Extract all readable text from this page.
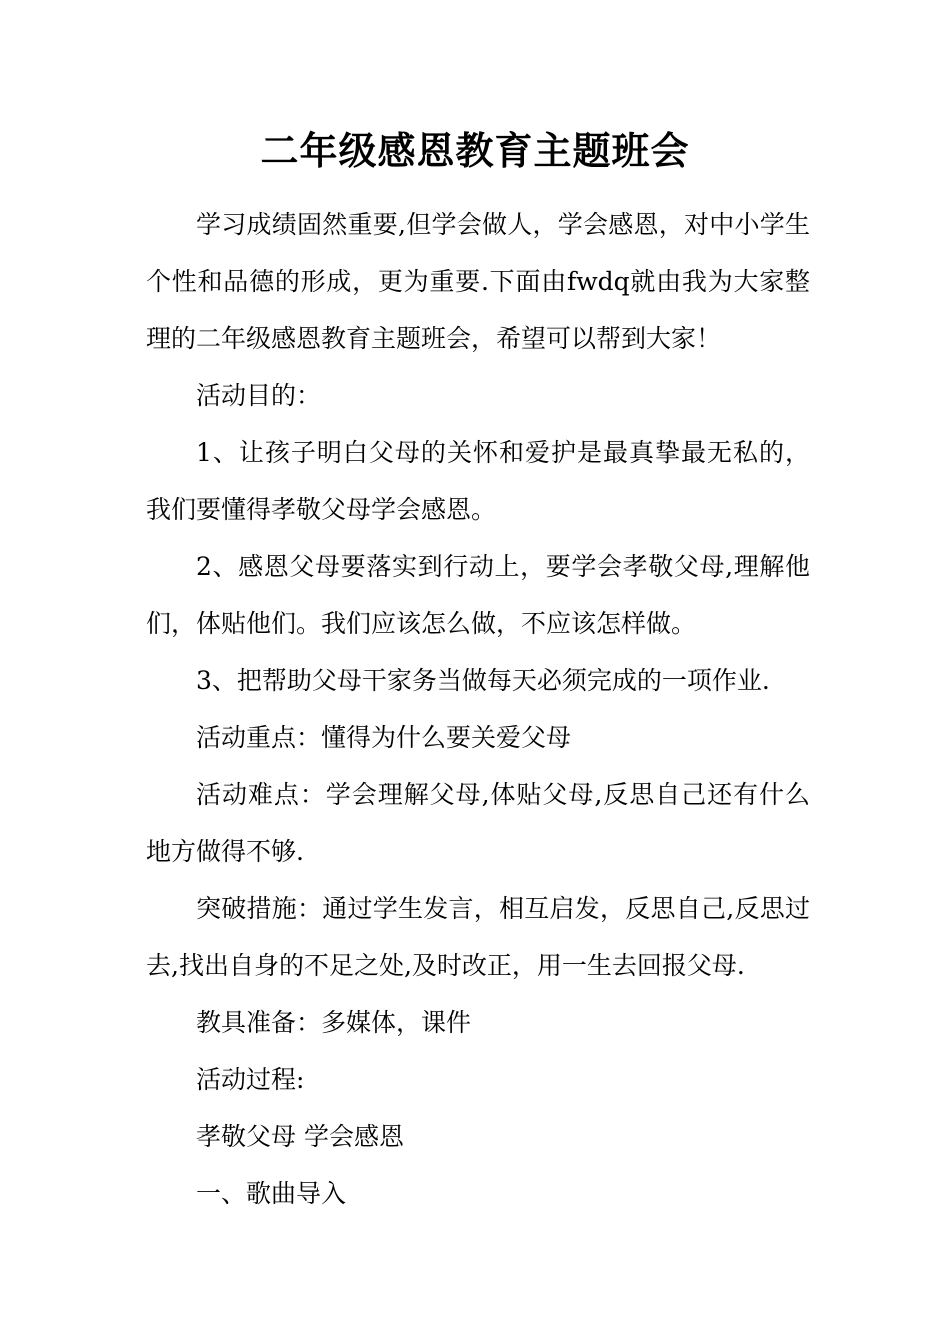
二年级感恩教育主题班会

学习成绩固然重要,但学会做人，学会感恩，对中小学生个性和品德的形成，更为重要.下面由fwdq就由我为大家整理的二年级感恩教育主题班会，希望可以帮到大家！

活动目的：

1、让孩子明白父母的关怀和爱护是最真挚最无私的，我们要懂得孝敬父母学会感恩。

2、感恩父母要落实到行动上，要学会孝敬父母,理解他们，体贴他们。我们应该怎么做，不应该怎样做。

3、把帮助父母干家务当做每天必须完成的一项作业.

活动重点：懂得为什么要关爱父母

活动难点：学会理解父母,体贴父母,反思自己还有什么地方做得不够.

突破措施：通过学生发言，相互启发，反思自己,反思过去,找出自身的不足之处,及时改正，用一生去回报父母.

教具准备：多媒体，课件

活动过程:

孝敬父母 学会感恩

一、歌曲导入
